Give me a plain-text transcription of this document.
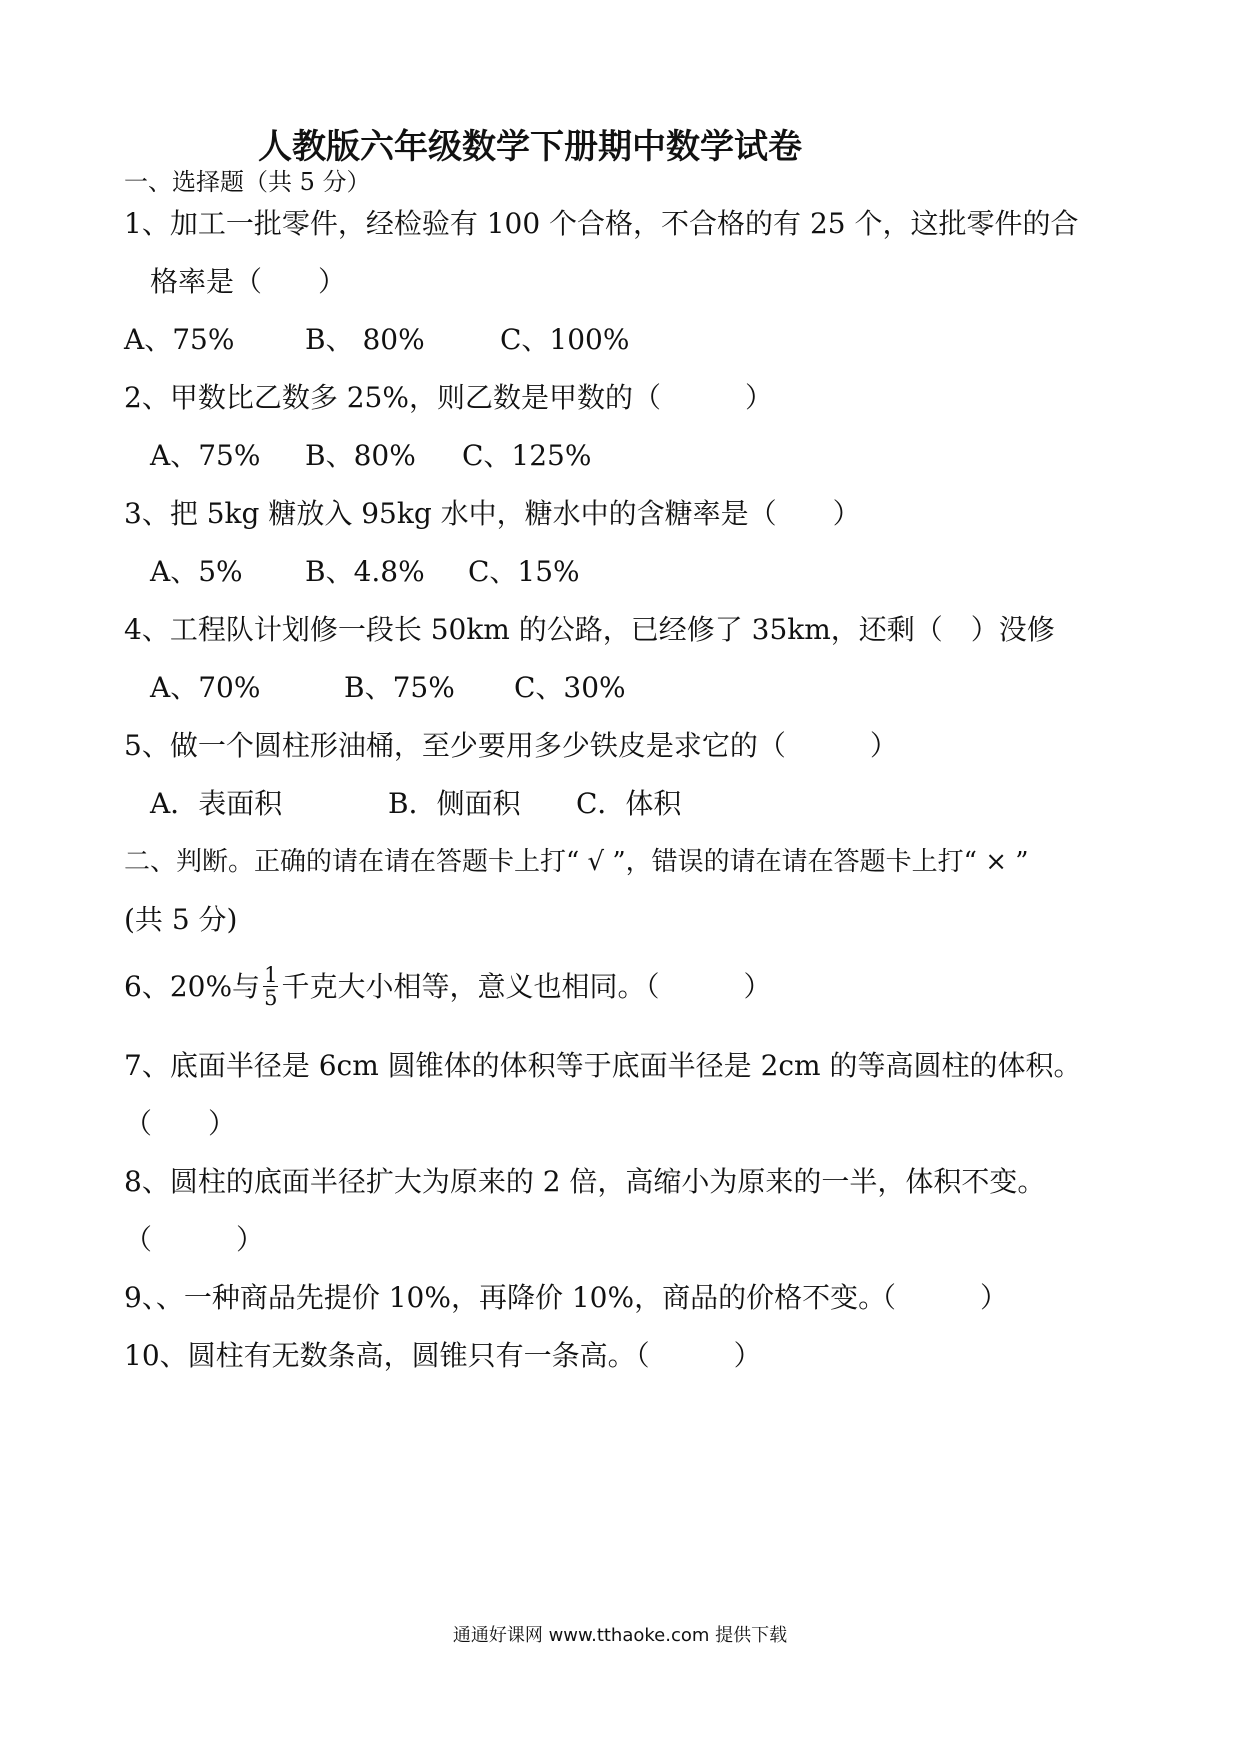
人教版六年级数学下册期中数学试卷
一、选择题（共 5 分）
1、加工一批零件，经检验有 100 个合格，不合格的有 25 个，这批零件的合
格率是（　　）
A、75%	B、 80%	C、100%
2、甲数比乙数多 25%，则乙数是甲数的（　　　）
A、75% B、80% C、125%
3、把 5kg 糖放入 95kg 水中，糖水中的含糖率是（　　）
A、5% B、4.8% C、15%
4、工程队计划修一段长 50km 的公路，已经修了 35km，还剩（　）没修
A、70%	B、75% C、30%
5、做一个圆柱形油桶，至少要用多少铁皮是求它的（　　　）
A．表面积	B．侧面积 C．体积
二、判断。正确的请在请在答题卡上打“ √ ”，错误的请在请在答题卡上打“ × ”
(共 5 分)
6、20%与 $\frac{1}{5}$ 千克大小相等，意义也相同。（　　　）
7、底面半径是 6cm 圆锥体的体积等于底面半径是 2cm 的等高圆柱的体积。
（　　）
8、圆柱的底面半径扩大为原来的 2 倍，高缩小为原来的一半，体积不变。
（　　　）
9、、一种商品先提价 10%，再降价 10%，商品的价格不变。
（　　　）
10、圆柱有无数条高，圆锥只有一条高。（　　　）
通通好课网 www.tthaoke.com 提供下载
